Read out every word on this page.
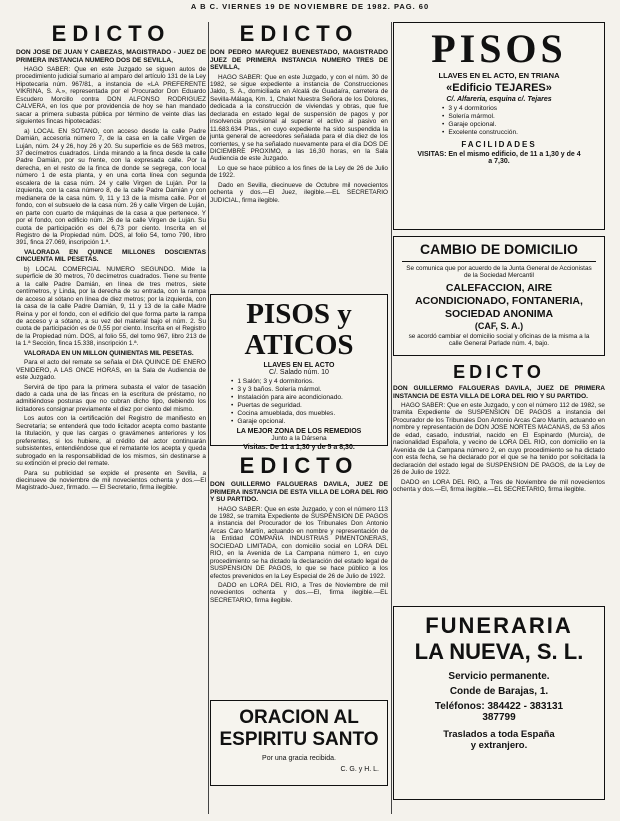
A B C. VIERNES 19 DE NOVIEMBRE DE 1982. PAG. 60
EDICTO
DON JOSE DE JUAN Y CABEZAS, MAGISTRADO - JUEZ DE PRIMERA INSTANCIA NUMERO DOS DE SEVILLA,
HAGO SABER: Que en este Juzgado se siguen autos de procedimiento judicial sumario al amparo del artículo 131 de la Ley Hipotecaria núm. 967/81, a instancia de «LA PREFERENTE VIKRINA, S. A.», representada por el Procurador Don Eduardo Escudero Morcillo contra DON ALFONSO RODRIGUEZ CALVERA, en los que por providencia de hoy se han mandado sacar a primera subasta pública por término de veinte días las siguientes fincas hipotecadas:
a) LOCAL EN SOTANO, con acceso desde la calle Padre Damián, accesoria número 7, de la casa en la calle Virgen de Luján, núm. 24 y 26, hoy 26 y 20. Su superficie es de 563 metros, 37 decímetros cuadrados. Linda mirando a la finca desde la calle Padre Damián, por su frente, con la expresada calle. Por la derecha, en el resto de la finca de donde se segrega, con local número 1 de esta planta, y en una corta línea con segunda escalera de la casa núm. 24 y calle Virgen de Luján. Por la izquierda, con la casa número 8, de la calle Padre Damián y con medianera de la casa núm. 9, 11 y 13 de la misma calle. Por el fondo, con el subsuelo de la casa núm. 26 y calle Virgen de Luján, en parte con cuarto de máquinas de la casa a que pertenece. Y por el fondo, con edificio núm. 26 de la calle Virgen de Luján. Su cuota de participación es del 6,73 por ciento. Inscrita en el Registro de la Propiedad núm. DOS, al folio 54, tomo 790, libro 391, finca 27.069, inscripción 1.ª.
VALORADA EN QUINCE MILLONES DOSCIENTAS CINCUENTA MIL PESETAS.
b) LOCAL COMERCIAL NUMERO SEGUNDO. Mide la superficie de 30 metros, 70 decímetros cuadrados. Tiene su frente a la calle Padre Damián, en línea de tres metros, siete centímetros, y Linda, por la derecha de su entrada, con la rampa de acceso al sótano en línea de diez metros; por la izquierda, con la casa de la calle Padre Damián, 9, 11 y 13 de la calle Madre Reina y por el fondo, con el edificio del que forma parte la rampa de acceso y a sótano, a su vez del material bajo el núm. 2. Su cuota de participación es de 0,55 por ciento. Inscrita en el Registro de la Propiedad núm. DOS, al folio 55, del tomo 967, libro 213 de la 1.ª Sección, finca 15.338, inscripción 1.ª.
VALORADA EN UN MILLON QUINIENTAS MIL PESETAS.
Para el acto del remate se señala el DIA QUINCE DE ENERO VENIDERO, A LAS ONCE HORAS, en la Sala de Audiencia de este Juzgado.
Servirá de tipo para la primera subasta el valor de tasación dado a cada una de las fincas en la escritura de préstamo, no admitiéndose posturas que no cubran dicho tipo, debiendo los licitadores consignar previamente el diez por ciento del mismo.
Los autos con la certificación del Registro de manifiesto en Secretaría; se entenderá que todo licitador acepta como bastante la titulación, y que las cargas o gravámenes anteriores y los preferentes, si los hubiere, al crédito del actor continuarán subsistentes, entendiéndose que el rematante los acepta y queda subrogado en la responsabilidad de los mismos, sin destinarse a su extinción el precio del remate.
Para su publicidad se expide el presente en Sevilla, a diecinueve de noviembre de mil novecientos ochenta y dos.—El Magistrado-Juez, firmado. — El Secretario, firma ilegible.
EDICTO
DON PEDRO MARQUEZ BUENESTADO, MAGISTRADO JUEZ DE PRIMERA INSTANCIA NUMERO TRES DE SEVILLA,
HAGO SABER: Que en este Juzgado, y con el núm. 30 de 1982, se sigue expediente a instancia de Construcciones Jaldo, S. A., domiciliada en Alcalá de Guadaíra, carretera de Sevilla-Málaga, Km. 1, Chalet Nuestra Señora de los Dolores, dedicada a la construcción de viviendas y obras, que fue declarada en estado legal de suspensión de pagos y por insolvencia provisional al superar el activo al pasivo en 11.683.634 Ptas., en cuyo expediente ha sido suspendida la junta general de acreedores señalada para el día diez de los corrientes, y se ha señalado nuevamente para el día DOS DE DICIEMBRE PROXIMO, a las 16,30 horas, en la Sala Audiencia de este Juzgado.
Lo que se hace público a los fines de la Ley de 26 de Julio de 1922.
Dado en Sevilla, diecinueve de Octubre mil novecientos ochenta y dos.—El Juez, ilegible.—EL SECRETARIO JUDICIAL, firma ilegible.
PISOS y ATICOS
LLAVES EN EL ACTO
C/. Salado núm. 10
• 1 Salón; 3 y 4 dormitorios.
• 3 y 3 baños. Solería mármol.
• Instalación para aire acondicionado.
• Puertas de seguridad.
• Cocina amueblada, dos muebles.
• Garaje opcional.
LA MEJOR ZONA DE LOS REMEDIOS
Junto a la Dársena
Visitas: De 11 a 1,30 y de 5 a 8,30.
EDICTO
DON GUILLERMO FALGUERAS DAVILA, JUEZ DE PRIMERA INSTANCIA DE ESTA VILLA DE LORA DEL RIO Y SU PARTIDO.
HAGO SABER: Que en este Juzgado, y con el número 113 de 1982, se tramita Expediente de SUSPENSION DE PAGOS a instancia del Procurador de los Tribunales Don Antonio Arcas Caro Martín, actuando en nombre y representación de la Entidad COMPAÑIA INDUSTRIAS PIMENTONERAS, SOCIEDAD LIMITADA, con domicilio social en LORA DEL RIO, en la Avenida de La Campana número 1, en cuyo procedimiento se ha dictado la declaración del estado legal de SUSPENSION DE PAGOS, lo que se hace público a los efectos prevenidos en la Ley Especial de 26 de Julio de 1922.
DADO en LORA DEL RIO, a Tres de Noviembre de mil novecientos ochenta y dos.—El, firma ilegible.—EL SECRETARIO, firma ilegible.
ORACION AL ESPIRITU SANTO
Por una gracia recibida.
C. G. y H. L.
PISOS
LLAVES EN EL ACTO, EN TRIANA
«Edificio TEJARES»
C/. Alfareria, esquina c/. Tejares
• 3 y 4 dormitorios
• Solería mármol.
• Garaje opcional.
• Excelente construcción.
FACILIDADES
VISITAS: En el mismo edificio, de 11 a 1,30 y de 4 a 7,30.
CAMBIO DE DOMICILIO
Se comunica que por acuerdo de la Junta General de Accionistas de la Sociedad Mercantil
CALEFACCION, AIRE ACONDICIONADO, FONTANERIA, SOCIEDAD ANONIMA
(CAF, S. A.)
se acordó cambiar el domicilio social y oficinas de la misma a la calle General Parlade núm. 4, bajo.
EDICTO
DON GUILLERMO FALGUERAS DAVILA, JUEZ DE PRIMERA INSTANCIA DE ESTA VILLA DE LORA DEL RIO Y SU PARTIDO.
HAGO SABER: Que en este Juzgado, y con el número 112 de 1982, se tramita Expediente de SUSPENSION DE PAGOS a instancia del Procurador de los Tribunales Don Antonio Arcas Caro Martín, actuando en nombre y representación de DON JOSE NORTES MACANAS, de 53 años de edad, casado, industrial, nacido en El Espinardo (Murcia), de nacionalidad Española, y vecino de LORA DEL RIO, con domicilio en la Avenida de La Campana número 2, en cuyo procedimiento se ha dictado con esta fecha, se ha declarado por el que se ha tenido por solicitada la declaración del estado legal de SUSPENSION DE PAGOS, de la Ley de 26 de Julio de 1922.
DADO en LORA DEL RIO, a Tres de Noviembre de mil novecientos ochenta y dos.—El, firma ilegible.—EL SECRETARIO, firma ilegible.
FUNERARIA
LA NUEVA, S. L.
Servicio permanente.
Conde de Barajas, 1.
Teléfonos: 384422 - 383131
387799
Traslados a toda España
y extranjero.
